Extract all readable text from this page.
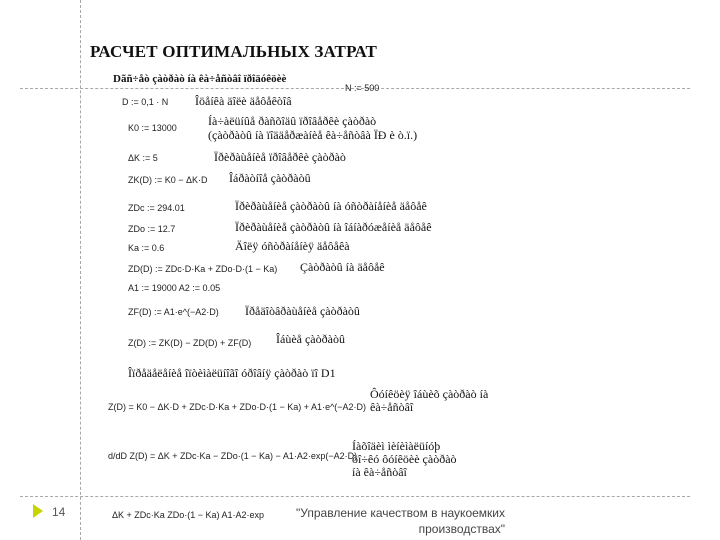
РАСЧЕТ ОПТИМАЛЬНЫХ ЗАТРАТ
Dãñ÷åò çàòðàò íà êà÷åñòâî ïðîäóêöèè
N := 500
D := 0,1 · N Îöåíêà äîëè äåôåêòîâ
K0 := 13000	Íà÷àëüíûå ðàñõîäû ïðîâåðêè çàòðàò
(çàòðàòû íà ïîääåðæàíèå êà÷åñòâà ÏÐ è ò.ï.)
ΔK := 5	Ïðèðàùåíèå ïðîâåðêè çàòðàò
ZK(D) := K0 − ΔK·D Îáðàòíîå çàòðàòû
ZDc := 294.01	Ïðèðàùåíèå çàòðàòû íà óñòðàíåíèå äåôåê
ZDo := 12.7	Ïðèðàùåíèå çàòðàòû íà îáíàðóæåíèå äåôåê
Ka := 0.6	Äîëÿ óñòðàíåíèÿ äåôåêà
ZD(D) := ZDc·D·Ka + ZDo·D·(1 − Ka) Çàòðàòû íà äåôåê
A1 := 19000 A2 := 0.05
ZF(D) := A1·e^(−A2·D) Ïðåäîòâðàùåíèå çàòðàòû
Z(D) := ZK(D) − ZD(D) + ZF(D) Îáùèå çàòðàòû
Îïðåäåëåíèå îïòèìàëüíîãî óðîâíÿ çàòðàò ïî D1
Z(D) = K0 − ΔK·D + ZDc·D·Ka + ZDo·D·(1 − Ka) + A1·e^(−A2·D)
Ôóíêöèÿ îáùèõ çàòðàò íà êà÷åñòâî
d/dD Z(D) = ΔK + ZDc·Ka − ZDo·(1 − Ka) − A1·A2·exp(−A2·D)
Íàõîäèì ìèíèìàëüíóþ òî÷êó ôóíêöèè çàòðàò íà êà÷åñòâî
ΔK + ZDc·Ka ZDo·(1 − Ka) A1·A2·exp
14	"Управление качеством в наукоемких производствах"
